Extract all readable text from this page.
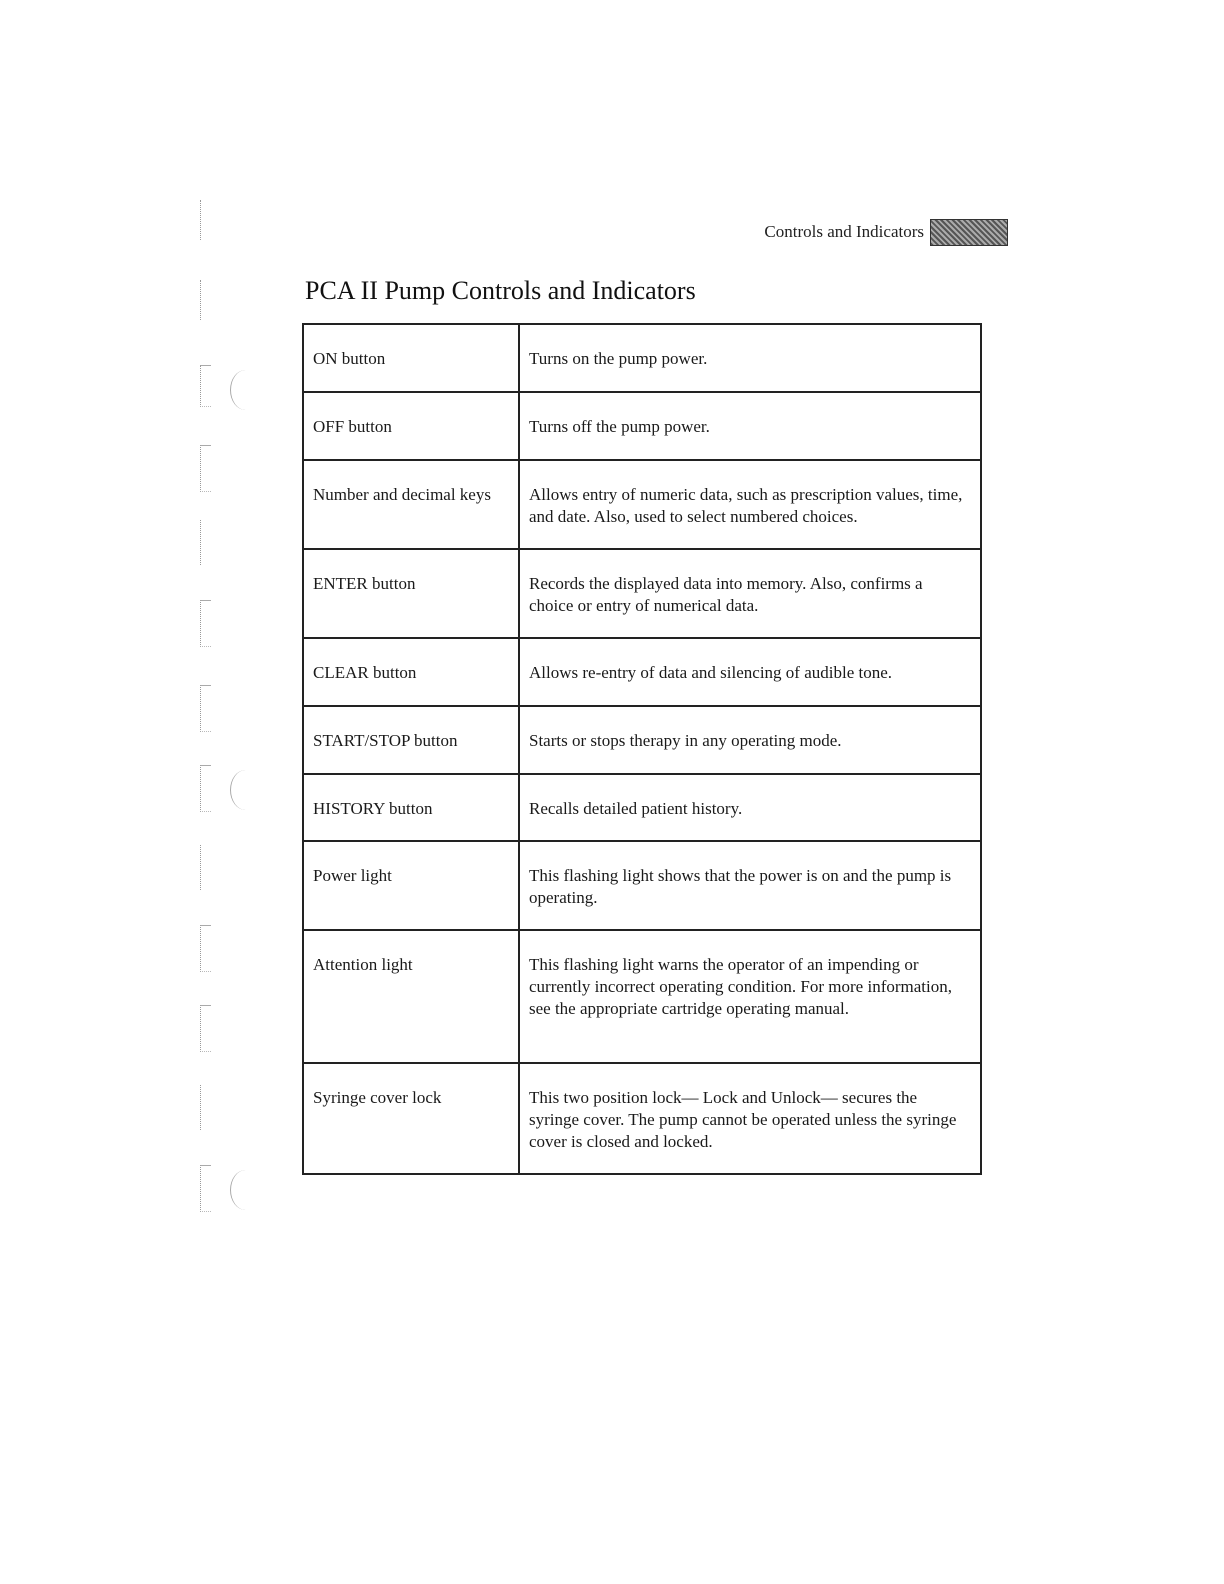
Controls and Indicators
PCA II Pump Controls and Indicators
ON button	Turns on the pump power.
OFF button	Turns off the pump power.
Number and decimal keys	Allows entry of numeric data, such as prescription values, time, and date. Also, used to select numbered choices.
ENTER button	Records the displayed data into memory. Also, confirms a choice or entry of numerical data.
CLEAR button	Allows re-entry of data and silencing of audible tone.
START/STOP button	Starts or stops therapy in any operating mode.
HISTORY button	Recalls detailed patient history.
Power light	This flashing light shows that the power is on and the pump is operating.
Attention light	This flashing light warns the operator of an impending or currently incorrect operating condition. For more information, see the appropriate cartridge operating manual.
Syringe cover lock	This two position lock— Lock and Unlock— secures the syringe cover. The pump cannot be operated unless the syringe cover is closed and locked.
